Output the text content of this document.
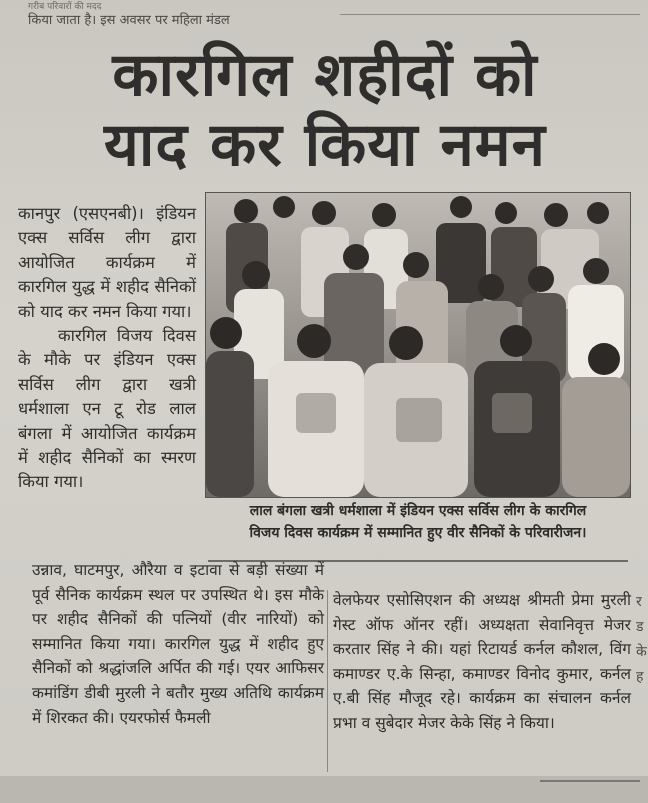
गरीब परिवारों की मदद
किया जाता है। इस अवसर पर महिला मंडल
कारगिल शहीदों को
याद कर किया नमन

कानपुर (एसएनबी)। इंडियन एक्स सर्विस लीग द्वारा आयोजित कार्यक्रम में कारगिल युद्ध में शहीद सैनिकों को याद कर नमन किया गया।

कारगिल विजय दिवस के मौके पर इंडियन एक्स सर्विस लीग द्वारा खत्री धर्मशाला एन टू रोड लाल बंगला में आयोजित कार्यक्रम में शहीद सैनिकों का स्मरण किया गया।

लाल बंगला खत्री धर्मशाला में इंडियन एक्स सर्विस लीग के कारगिल
विजय दिवस कार्यक्रम में सम्मानित हुए वीर सैनिकों के परिवारीजन।

उन्नाव, घाटमपुर, औरैया व इटावा से बड़ी संख्या में पूर्व सैनिक कार्यक्रम स्थल पर उपस्थित थे। इस मौके पर शहीद सैनिकों की पत्नियों (वीर नारियों) को सम्मानित किया गया। कारगिल युद्ध में शहीद हुए सैनिकों को श्रद्धांजलि अर्पित की गई। एयर आफिसर कमांडिंग डीबी मुरली ने बतौर मुख्य अतिथि कार्यक्रम में शिरकत की। एयरफोर्स फैमली

वेलफेयर एसोसिएशन की अध्यक्ष श्रीमती प्रेमा मुरली गेस्ट ऑफ ऑनर रहीं। अध्यक्षता सेवानिवृत्त मेजर करतार सिंह ने की। यहां रिटायर्ड कर्नल कौशल, विंग कमाण्डर ए.के सिन्हा, कमाण्डर विनोद कुमार, कर्नल ए.बी सिंह मौजूद रहे। कार्यक्रम का संचालन कर्नल प्रभा व सुबेदार मेजर केके सिंह ने किया।

र ड के ह
